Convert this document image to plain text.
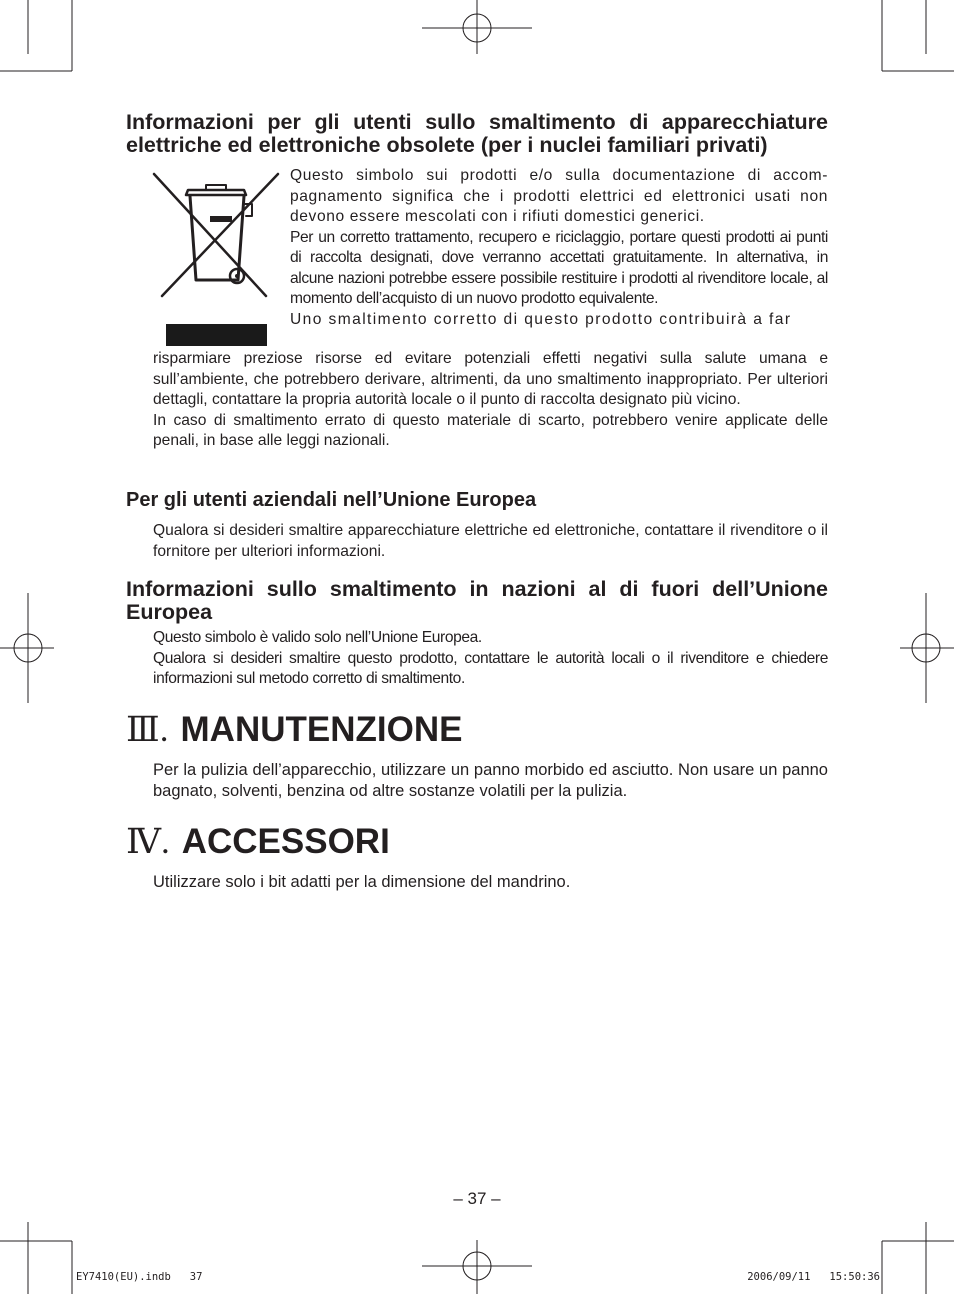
Informazioni per gli utenti sullo smaltimento di apparecchiature elettriche ed elettroniche obsolete (per i nuclei familiari privati)
Questo simbolo sui prodotti e/o sulla documentazione di accom-pagnamento significa che i prodotti elettrici ed elettronici usati non devono essere mescolati con i rifiuti domestici generici.
Per un corretto trattamento, recupero e riciclaggio, portare questi prodotti ai punti di raccolta designati, dove verranno accettati gratuitamente. In alternativa, in alcune nazioni potrebbe essere possibile restituire i prodotti al rivenditore locale, al momento dell’acquisto di un nuovo prodotto equivalente.
Uno smaltimento corretto di questo prodotto contribuirà a far
risparmiare preziose risorse ed evitare potenziali effetti negativi sulla salute umana e sull’ambiente, che potrebbero derivare, altrimenti, da uno smaltimento inappropriato. Per ulteriori dettagli, contattare la propria autorità locale o il punto di raccolta designato più vicino.
In caso di smaltimento errato di questo materiale di scarto, potrebbero venire applicate delle penali, in base alle leggi nazionali.
Per gli utenti aziendali nell’Unione Europea
Qualora si desideri smaltire apparecchiature elettriche ed elettroniche, contattare il rivenditore o il fornitore per ulteriori informazioni.
Informazioni sullo smaltimento in nazioni al di fuori dell’Unione Europea
Questo simbolo è valido solo nell’Unione Europea.
Qualora si desideri smaltire questo prodotto, contattare le autorità locali o il rivenditore e chiedere informazioni sul metodo corretto di smaltimento.
Ⅲ. MANUTENZIONE
Per la pulizia dell’apparecchio, utilizzare un panno morbido ed asciutto. Non usare un panno bagnato, solventi, benzina od altre sostanze volatili per la pulizia.
Ⅳ. ACCESSORI
Utilizzare solo i bit adatti per la dimensione del mandrino.
– 37 –
EY7410(EU).indb   37	2006/09/11   15:50:36
